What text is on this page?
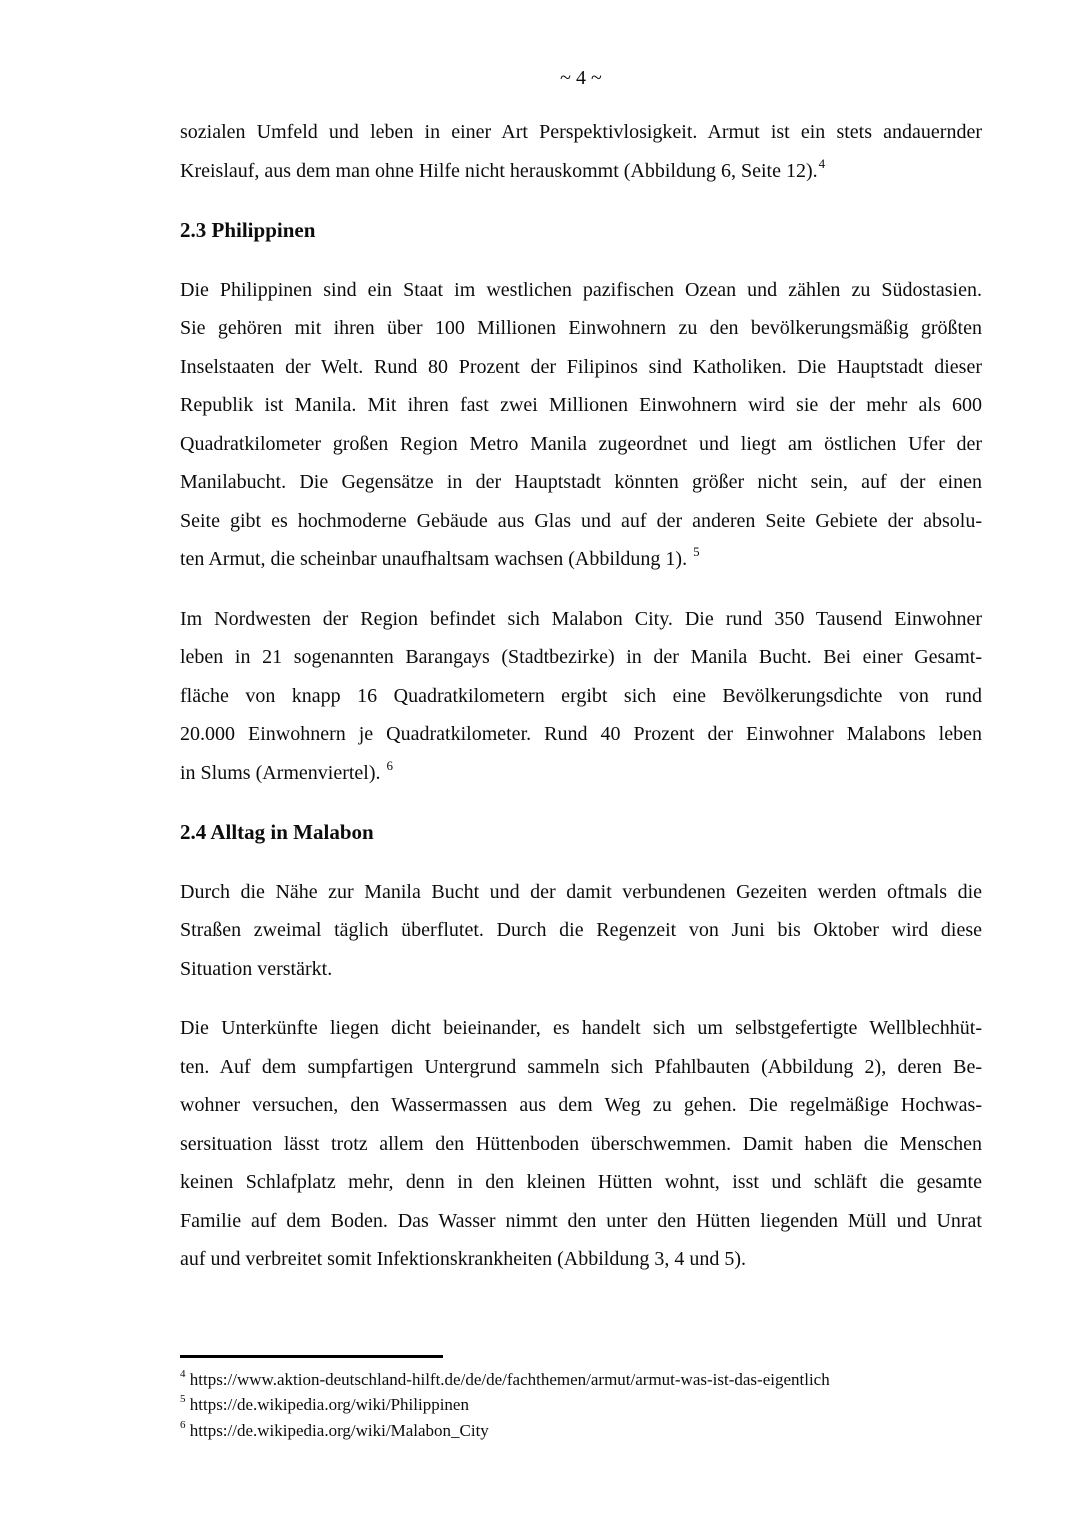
~ 4 ~
sozialen Umfeld und leben in einer Art Perspektivlosigkeit. Armut ist ein stets andauernder
Kreislauf, aus dem man ohne Hilfe nicht herauskommt (Abbildung 6, Seite 12).$^4$
2.3 Philippinen
Die Philippinen sind ein Staat im westlichen pazifischen Ozean und zählen zu Südostasien.
Sie gehören mit ihren über 100 Millionen Einwohnern zu den bevölkerungsmäßig größten
Inselstaaten der Welt. Rund 80 Prozent der Filipinos sind Katholiken. Die Hauptstadt dieser
Republik ist Manila. Mit ihren fast zwei Millionen Einwohnern wird sie der mehr als 600
Quadratkilometer großen Region Metro Manila zugeordnet und liegt am östlichen Ufer der
Manilabucht. Die Gegensätze in der Hauptstadt könnten größer nicht sein, auf der einen
Seite gibt es hochmoderne Gebäude aus Glas und auf der anderen Seite Gebiete der absolu-
ten Armut, die scheinbar unaufhaltsam wachsen (Abbildung 1). $^5$
Im Nordwesten der Region befindet sich Malabon City. Die rund 350 Tausend Einwohner
leben in 21 sogenannten Barangays (Stadtbezirke) in der Manila Bucht. Bei einer Gesamt-
fläche von knapp 16 Quadratkilometern ergibt sich eine Bevölkerungsdichte von rund
20.000 Einwohnern je Quadratkilometer. Rund 40 Prozent der Einwohner Malabons leben
in Slums (Armenviertel). $^6$
2.4 Alltag in Malabon
Durch die Nähe zur Manila Bucht und der damit verbundenen Gezeiten werden oftmals die
Straßen zweimal täglich überflutet. Durch die Regenzeit von Juni bis Oktober wird diese
Situation verstärkt.
Die Unterkünfte liegen dicht beieinander, es handelt sich um selbstgefertigte Wellblechhüt-
ten. Auf dem sumpfartigen Untergrund sammeln sich Pfahlbauten (Abbildung 2), deren Be-
wohner versuchen, den Wassermassen aus dem Weg zu gehen. Die regelmäßige Hochwas-
sersituation lässt trotz allem den Hüttenboden überschwemmen. Damit haben die Menschen
keinen Schlafplatz mehr, denn in den kleinen Hütten wohnt, isst und schläft die gesamte
Familie auf dem Boden. Das Wasser nimmt den unter den Hütten liegenden Müll und Unrat
auf und verbreitet somit Infektionskrankheiten (Abbildung 3, 4 und 5).
$^4$ https://www.aktion-deutschland-hilft.de/de/de/fachthemen/armut/armut-was-ist-das-eigentlich
$^5$ https://de.wikipedia.org/wiki/Philippinen
$^6$ https://de.wikipedia.org/wiki/Malabon_City
